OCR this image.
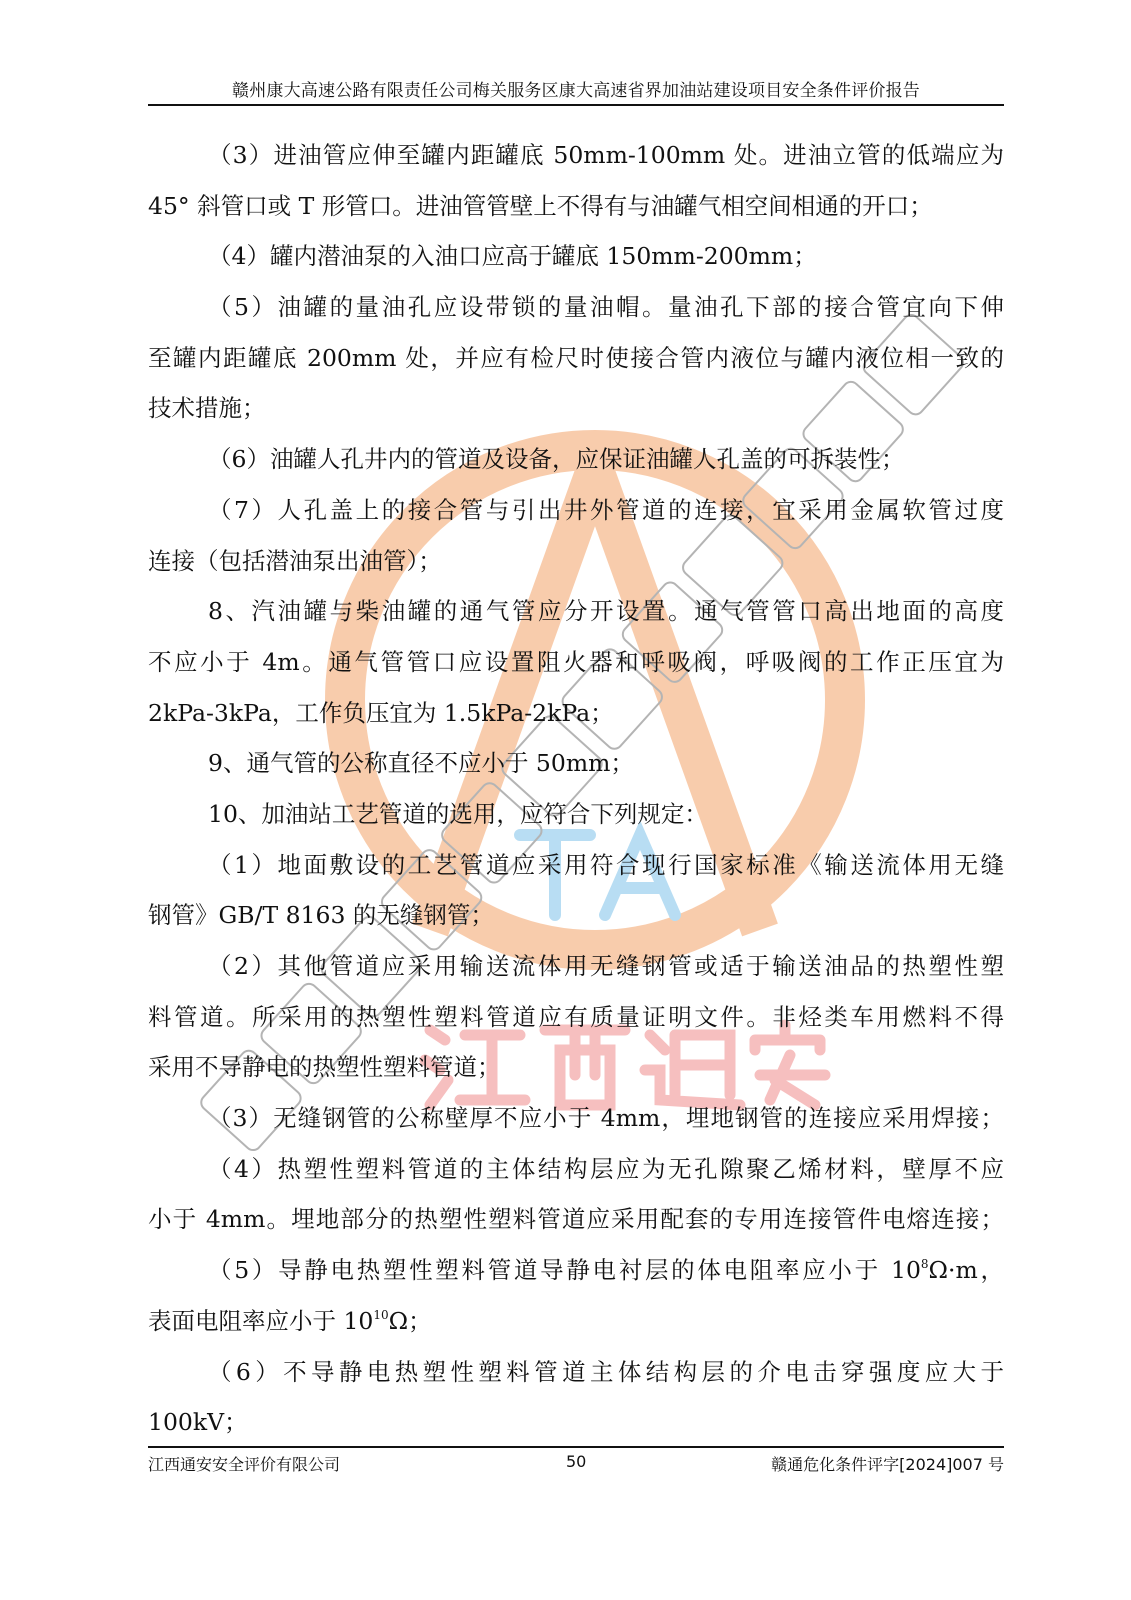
赣州康大高速公路有限责任公司梅关服务区康大高速省界加油站建设项目安全条件评价报告
（3）进油管应伸至罐内距罐底 50mm-100mm 处。进油立管的低端应为
45° 斜管口或 T 形管口。进油管管壁上不得有与油罐气相空间相通的开口；
（4）罐内潜油泵的入油口应高于罐底 150mm-200mm；
（5）油罐的量油孔应设带锁的量油帽。量油孔下部的接合管宜向下伸
至罐内距罐底 200mm 处，并应有检尺时使接合管内液位与罐内液位相一致的
技术措施；
（6）油罐人孔井内的管道及设备，应保证油罐人孔盖的可拆装性；
（7）人孔盖上的接合管与引出井外管道的连接，宜采用金属软管过度
连接（包括潜油泵出油管）；
8、汽油罐与柴油罐的通气管应分开设置。通气管管口高出地面的高度
不应小于 4m。通气管管口应设置阻火器和呼吸阀，呼吸阀的工作正压宜为
2kPa-3kPa，工作负压宜为 1.5kPa-2kPa；
9、通气管的公称直径不应小于 50mm；
10、加油站工艺管道的选用，应符合下列规定：
（1）地面敷设的工艺管道应采用符合现行国家标准《输送流体用无缝
钢管》GB/T 8163 的无缝钢管；
（2）其他管道应采用输送流体用无缝钢管或适于输送油品的热塑性塑
料管道。所采用的热塑性塑料管道应有质量证明文件。非烃类车用燃料不得
采用不导静电的热塑性塑料管道；
（3）无缝钢管的公称壁厚不应小于 4mm，埋地钢管的连接应采用焊接；
（4）热塑性塑料管道的主体结构层应为无孔隙聚乙烯材料，壁厚不应
小于 4mm。埋地部分的热塑性塑料管道应采用配套的专用连接管件电熔连接；
（5）导静电热塑性塑料管道导静电衬层的体电阻率应小于 $10^8\Omega\cdot m$，
表面电阻率应小于 $10^{10}\Omega$；
（6）不导静电热塑性塑料管道主体结构层的介电击穿强度应大于
100kV；
江西通安安全评价有限公司	50	赣通危化条件评字[2024]007 号
